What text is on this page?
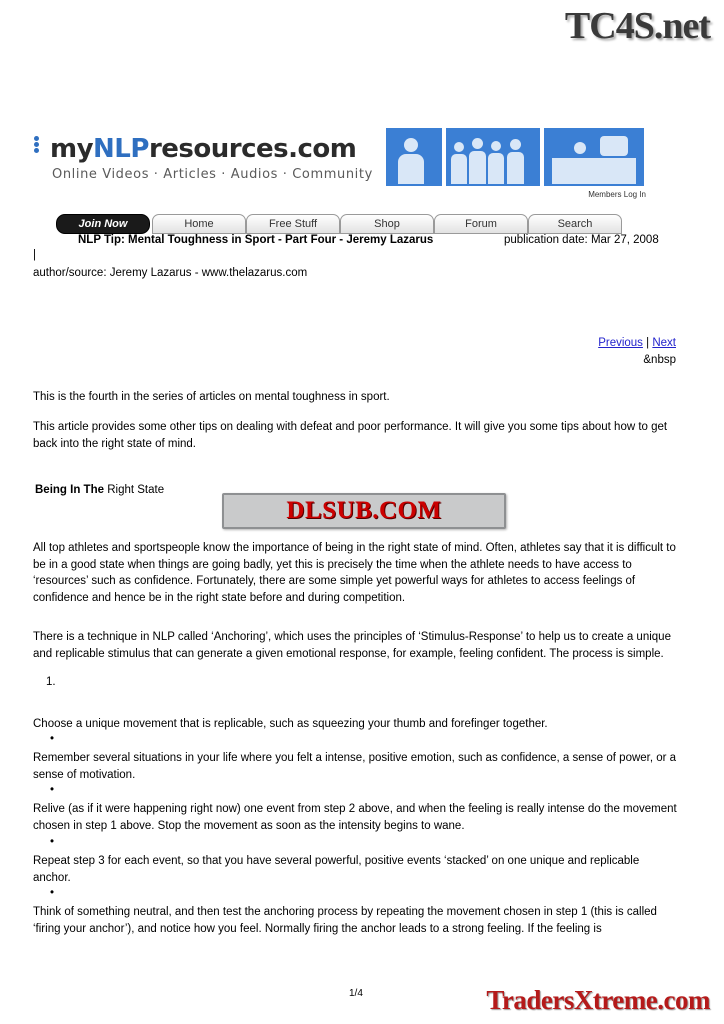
TC4S.net
myNLPresources.com
Online Videos · Articles · Audios · Community
Members Log In
Join Now	Home	Free Stuff	Shop	Forum	Search
NLP Tip: Mental Toughness in Sport - Part Four - Jeremy Lazarus	publication date: Mar 27, 2008
|
author/source: Jeremy Lazarus - www.thelazarus.com
Previous | Next
&nbsp
This is the fourth in the series of articles on mental toughness in sport.
This article provides some other tips on dealing with defeat and poor performance. It will give you some tips about how to get back into the right state of mind.
Being In The Right State
DLSUB.COM
All top athletes and sportspeople know the importance of being in the right state of mind. Often, athletes say that it is difficult to be in a good state when things are going badly, yet this is precisely the time when the athlete needs to have access to ‘resources’ such as confidence. Fortunately, there are some simple yet powerful ways for athletes to access feelings of confidence and hence be in the right state before and during competition.
There is a technique in NLP called ‘Anchoring’, which uses the principles of ‘Stimulus-Response’ to help us to create a unique and replicable stimulus that can generate a given emotional response, for example, feeling confident. The process is simple.
1.
Choose a unique movement that is replicable, such as squeezing your thumb and forefinger together.
•
Remember several situations in your life where you felt a intense, positive emotion, such as confidence, a sense of power, or a sense of motivation.
•
Relive (as if it were happening right now) one event from step 2 above, and when the feeling is really intense do the movement chosen in step 1 above. Stop the movement as soon as the intensity begins to wane.
•
Repeat step 3 for each event, so that you have several powerful, positive events ‘stacked’ on one unique and replicable anchor.
•
Think of something neutral, and then test the anchoring process by repeating the movement chosen in step 1 (this is called ‘firing your anchor’), and notice how you feel. Normally firing the anchor leads to a strong feeling. If the feeling is
1/4	TradersXtreme.com
